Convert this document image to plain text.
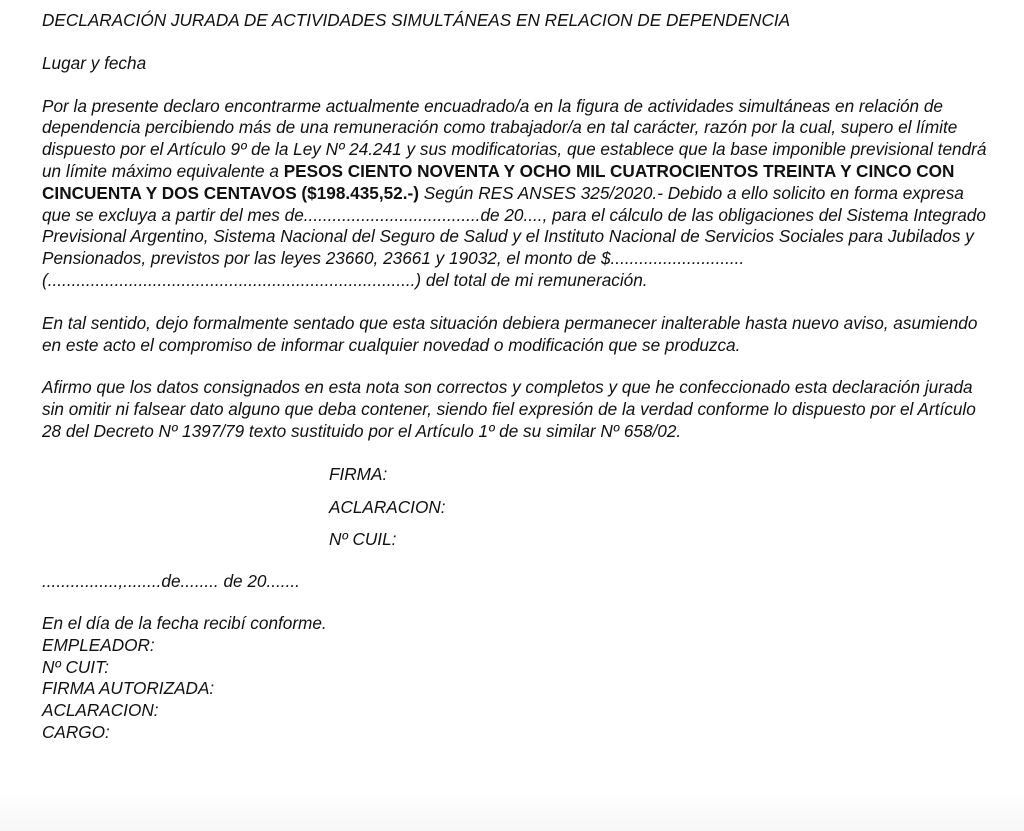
DECLARACIÓN JURADA DE ACTIVIDADES SIMULTÁNEAS EN RELACION DE DEPENDENCIA
Lugar y fecha
Por la presente declaro encontrarme actualmente encuadrado/a en la figura de actividades simultáneas en relación de dependencia percibiendo más de una remuneración como trabajador/a en tal carácter, razón por la cual, supero el límite dispuesto por el Artículo 9º de la Ley Nº 24.241 y sus modificatorias, que establece que la base imponible previsional tendrá un límite máximo equivalente a PESOS CIENTO NOVENTA Y OCHO MIL CUATROCIENTOS TREINTA Y CINCO CON CINCUENTA Y DOS CENTAVOS ($198.435,52.-) Según RES ANSES 325/2020.- Debido a ello solicito en forma expresa que se excluya a partir del mes de.....................................de 20...., para el cálculo de las obligaciones del Sistema Integrado Previsional Argentino, Sistema Nacional del Seguro de Salud y el Instituto Nacional de Servicios Sociales para Jubilados y Pensionados, previstos por las leyes 23660, 23661 y 19032, el monto de $............................ (.............................................................................) del total de mi remuneración.
En tal sentido, dejo formalmente sentado que esta situación debiera permanecer inalterable hasta nuevo aviso, asumiendo en este acto el compromiso de informar cualquier novedad o modificación que se produzca.
Afirmo que los datos consignados en esta nota son correctos y completos y que he confeccionado esta declaración jurada sin omitir ni falsear dato alguno que deba contener, siendo fiel expresión de la verdad conforme lo dispuesto por el Artículo 28 del Decreto Nº 1397/79 texto sustituido por el Artículo 1º de su similar Nº 658/02.
FIRMA:
ACLARACION:
Nº CUIL:
................,........de........ de 20.......
En el día de la fecha recibí conforme.
EMPLEADOR:
Nº CUIT:
FIRMA AUTORIZADA:
ACLARACION:
CARGO:
